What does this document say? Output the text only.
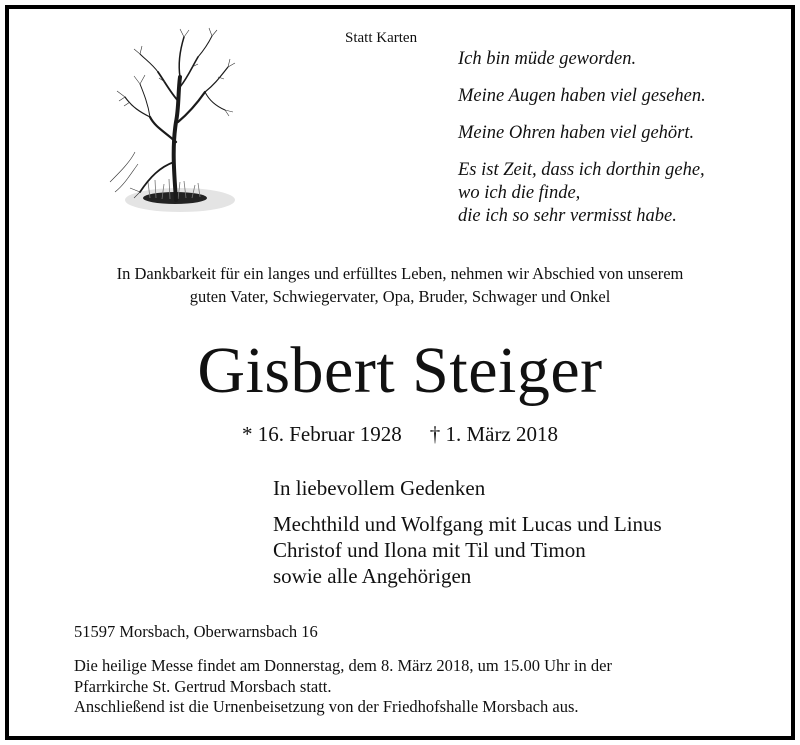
Statt Karten

Ich bin müde geworden.

Meine Augen haben viel gesehen.

Meine Ohren haben viel gehört.

Es ist Zeit, dass ich dorthin gehe,

wo ich die finde,

die ich so sehr vermisst habe.

In Dankbarkeit für ein langes und erfülltes Leben, nehmen wir Abschied von unserem
guten Vater, Schwiegervater, Opa, Bruder, Schwager und Onkel
Gisbert Steiger
* 16. Februar 1928 † 1. März 2018

In liebevollem Gedenken

Mechthild und Wolfgang mit Lucas und Linus

Christof und Ilona mit Til und Timon

sowie alle Angehörigen

51597 Morsbach, Oberwarnsbach 16

Die heilige Messe findet am Donnerstag, dem 8. März 2018, um 15.00 Uhr in der

Pfarrkirche St. Gertrud Morsbach statt.

Anschließend ist die Urnenbeisetzung von der Friedhofshalle Morsbach aus.
